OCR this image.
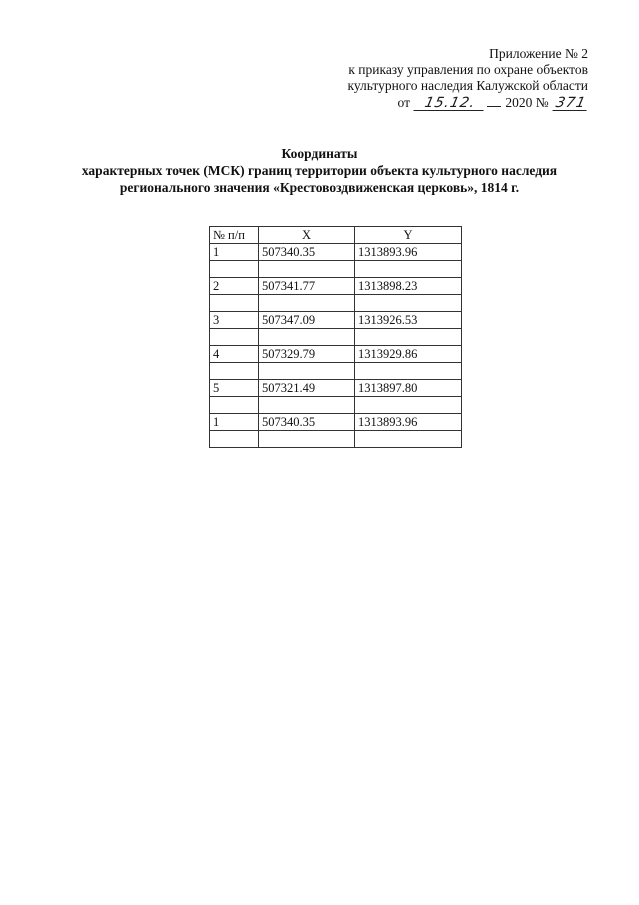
Приложение № 2
к приказу управления по охране объектов
культурного наследия Калужской области
от 15.12. 2020 № 371
Координаты
характерных точек (МСК) границ территории объекта культурного наследия
регионального значения «Крестовоздвиженская церковь», 1814 г.
№ п/п	X	Y
1	507340.35	1313893.96

2	507341.77	1313898.23

3	507347.09	1313926.53

4	507329.79	1313929.86

5	507321.49	1313897.80

1	507340.35	1313893.96
